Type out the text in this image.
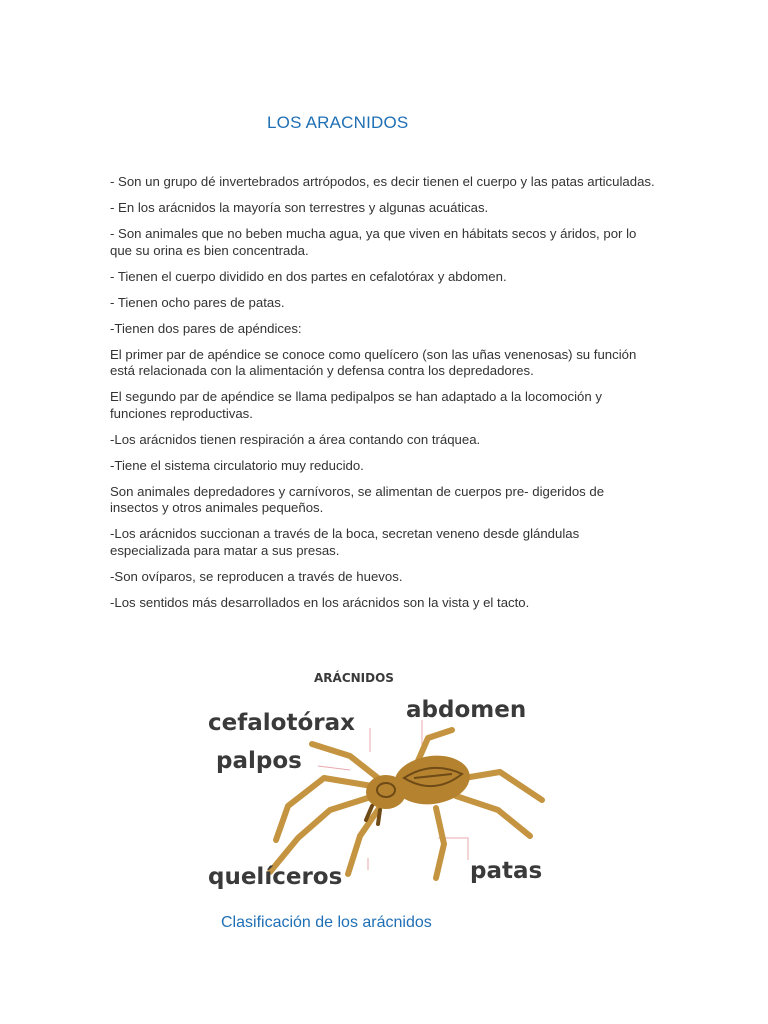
LOS ARACNIDOS

- Son un grupo dé invertebrados artrópodos, es decir tienen el cuerpo y las patas articuladas.

- En los arácnidos la mayoría son terrestres y algunas acuáticas.

- Son animales que no beben mucha agua, ya que viven en hábitats secos y áridos, por lo que su orina es bien concentrada.

- Tienen el cuerpo dividido en dos partes en cefalotórax y abdomen.

- Tienen ocho pares de patas.

-Tienen dos pares de apéndices:

El primer par de apéndice se conoce como quelícero (son las uñas venenosas) su función está relacionada con la alimentación y defensa contra los depredadores.

El segundo par de apéndice se llama pedipalpos se han adaptado a la locomoción y funciones reproductivas.

-Los arácnidos tienen respiración a área contando con tráquea.

-Tiene el sistema circulatorio muy reducido.

Son animales depredadores y carnívoros, se alimentan de cuerpos pre- digeridos de insectos y otros animales pequeños.

-Los arácnidos succionan a través de la boca, secretan veneno desde glándulas especializada para matar a sus presas.

-Son ovíparos, se reproducen a través de huevos.

-Los sentidos más desarrollados en los arácnidos son la vista y el tacto.

ARÁCNIDOS
cefalotórax abdomen
palpos
quelíceros	patas
Clasificación de los arácnidos
